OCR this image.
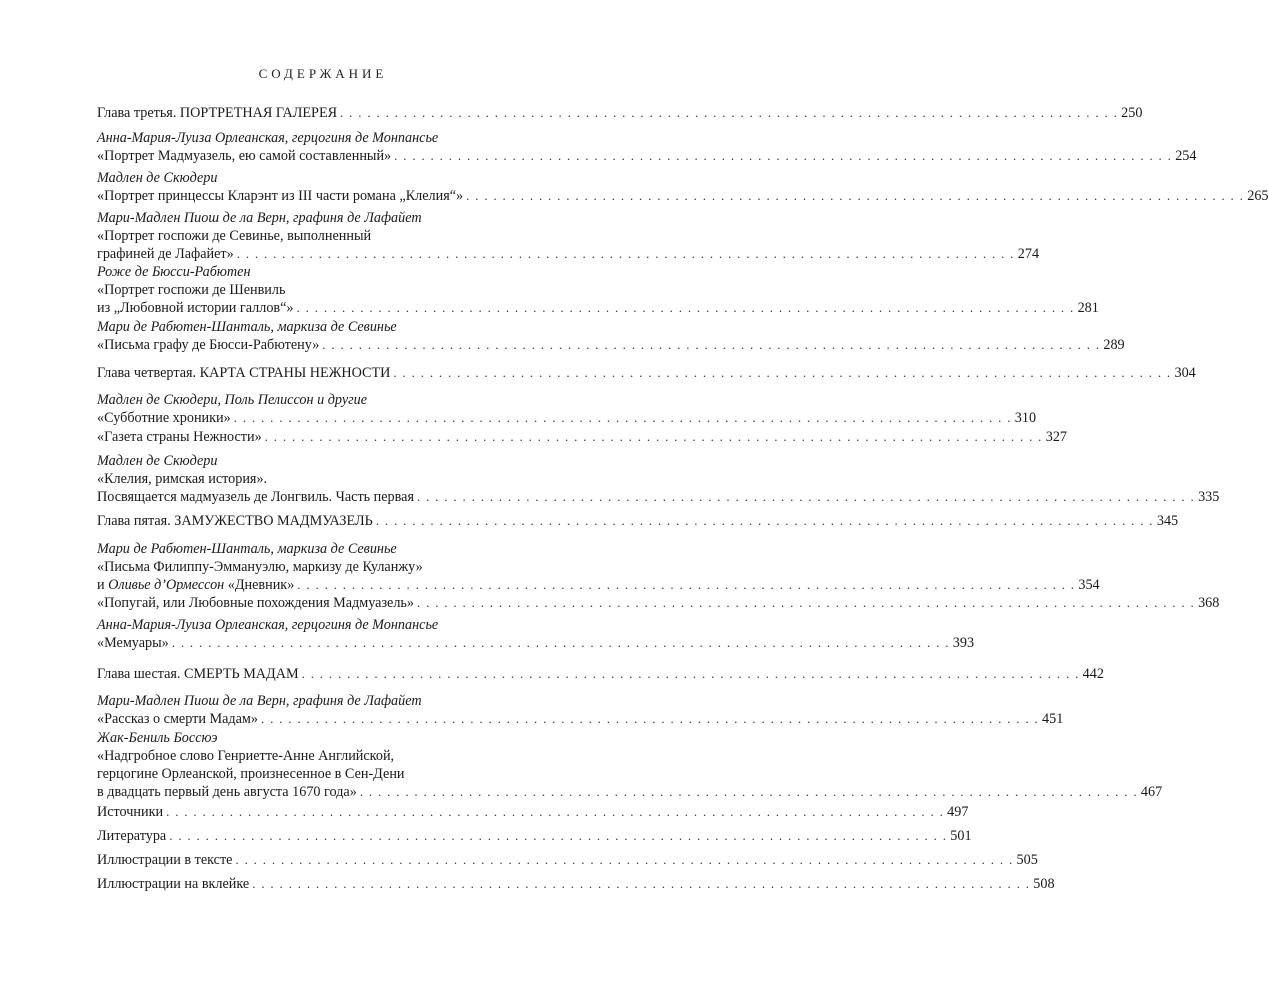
СОДЕРЖАНИЕ
Глава третья. ПОРТРЕТНАЯ ГАЛЕРЕЯ . . . . . . . . . . . . . . . . . . . . . . . . . . . . . . . . . . . . . . . . . . . . . . . . . . . . . . . . . . . . . . . . . . . . . . . . . . . . . . . . . . . . . . 250
Анна-Мария-Луиза Орлеанская, герцогиня де Монпансье
«Портрет Мадмуазель, ею самой составленный» . . . . . . . . . . . . . . . . . . . . . . . . . . . . . . . . . . . . . . . . . . . . . . . . . . . . . . . . . . . . . . . . . . . . . . . . . . . . . . . . . . . . . . 254
Мадлен де Скюдери
«Портрет принцессы Кларэнт из III части романа „Клелия“» . . . . . . . . . . . . . . . . . . . . . . . . . . . . . . . . . . . . . . . . . . . . . . . . . . . . . . . . . . . . . . . . . . . . . . . . . . . . . . . . . . . . . . 265
Мари-Мадлен Пиош де ла Верн, графиня де Лафайет
«Портрет госпожи де Севинье, выполненный
графиней де Лафайет» . . . . . . . . . . . . . . . . . . . . . . . . . . . . . . . . . . . . . . . . . . . . . . . . . . . . . . . . . . . . . . . . . . . . . . . . . . . . . . . . . . . . . . 274
Роже де Бюсси-Рабютен
«Портрет госпожи де Шенвиль
из „Любовной истории галлов“» . . . . . . . . . . . . . . . . . . . . . . . . . . . . . . . . . . . . . . . . . . . . . . . . . . . . . . . . . . . . . . . . . . . . . . . . . . . . . . . . . . . . . . 281
Мари де Рабютен-Шанталь, маркиза де Севинье
«Письма графу де Бюсси-Рабютену» . . . . . . . . . . . . . . . . . . . . . . . . . . . . . . . . . . . . . . . . . . . . . . . . . . . . . . . . . . . . . . . . . . . . . . . . . . . . . . . . . . . . . . 289
Глава четвертая. КАРТА СТРАНЫ НЕЖНОСТИ . . . . . . . . . . . . . . . . . . . . . . . . . . . . . . . . . . . . . . . . . . . . . . . . . . . . . . . . . . . . . . . . . . . . . . . . . . . . . . . . . . . . . . 304
Мадлен де Скюдери, Поль Пелиссон и другие
«Субботние хроники» . . . . . . . . . . . . . . . . . . . . . . . . . . . . . . . . . . . . . . . . . . . . . . . . . . . . . . . . . . . . . . . . . . . . . . . . . . . . . . . . . . . . . . 310
«Газета страны Нежности» . . . . . . . . . . . . . . . . . . . . . . . . . . . . . . . . . . . . . . . . . . . . . . . . . . . . . . . . . . . . . . . . . . . . . . . . . . . . . . . . . . . . . . 327
Мадлен де Скюдери
«Клелия, римская история».
Посвящается мадмуазель де Лонгвиль. Часть первая . . . . . . . . . . . . . . . . . . . . . . . . . . . . . . . . . . . . . . . . . . . . . . . . . . . . . . . . . . . . . . . . . . . . . . . . . . . . . . . . . . . . . . 335
Глава пятая. ЗАМУЖЕСТВО МАДМУАЗЕЛЬ . . . . . . . . . . . . . . . . . . . . . . . . . . . . . . . . . . . . . . . . . . . . . . . . . . . . . . . . . . . . . . . . . . . . . . . . . . . . . . . . . . . . . . 345
Мари де Рабютен-Шанталь, маркиза де Севинье
«Письма Филиппу-Эммануэлю, маркизу де Куланжу»
и Оливье д’Ормессон «Дневник» . . . . . . . . . . . . . . . . . . . . . . . . . . . . . . . . . . . . . . . . . . . . . . . . . . . . . . . . . . . . . . . . . . . . . . . . . . . . . . . . . . . . . . 354
«Попугай, или Любовные похождения Мадмуазель» . . . . . . . . . . . . . . . . . . . . . . . . . . . . . . . . . . . . . . . . . . . . . . . . . . . . . . . . . . . . . . . . . . . . . . . . . . . . . . . . . . . . . . 368
Анна-Мария-Луиза Орлеанская, герцогиня де Монпансье
«Мемуары» . . . . . . . . . . . . . . . . . . . . . . . . . . . . . . . . . . . . . . . . . . . . . . . . . . . . . . . . . . . . . . . . . . . . . . . . . . . . . . . . . . . . . . 393
Глава шестая. СМЕРТЬ МАДАМ . . . . . . . . . . . . . . . . . . . . . . . . . . . . . . . . . . . . . . . . . . . . . . . . . . . . . . . . . . . . . . . . . . . . . . . . . . . . . . . . . . . . . . 442
Мари-Мадлен Пиош де ла Верн, графиня де Лафайет
«Рассказ о смерти Мадам» . . . . . . . . . . . . . . . . . . . . . . . . . . . . . . . . . . . . . . . . . . . . . . . . . . . . . . . . . . . . . . . . . . . . . . . . . . . . . . . . . . . . . . 451
Жак-Бениль Боссюэ
«Надгробное слово Генриетте-Анне Английской,
герцогине Орлеанской, произнесенное в Сен-Дени
в двадцать первый день августа 1670 года» . . . . . . . . . . . . . . . . . . . . . . . . . . . . . . . . . . . . . . . . . . . . . . . . . . . . . . . . . . . . . . . . . . . . . . . . . . . . . . . . . . . . . . 467
Источники . . . . . . . . . . . . . . . . . . . . . . . . . . . . . . . . . . . . . . . . . . . . . . . . . . . . . . . . . . . . . . . . . . . . . . . . . . . . . . . . . . . . . . 497
Литература . . . . . . . . . . . . . . . . . . . . . . . . . . . . . . . . . . . . . . . . . . . . . . . . . . . . . . . . . . . . . . . . . . . . . . . . . . . . . . . . . . . . . . 501
Иллюстрации в тексте . . . . . . . . . . . . . . . . . . . . . . . . . . . . . . . . . . . . . . . . . . . . . . . . . . . . . . . . . . . . . . . . . . . . . . . . . . . . . . . . . . . . . . 505
Иллюстрации на вклейке . . . . . . . . . . . . . . . . . . . . . . . . . . . . . . . . . . . . . . . . . . . . . . . . . . . . . . . . . . . . . . . . . . . . . . . . . . . . . . . . . . . . . . 508
